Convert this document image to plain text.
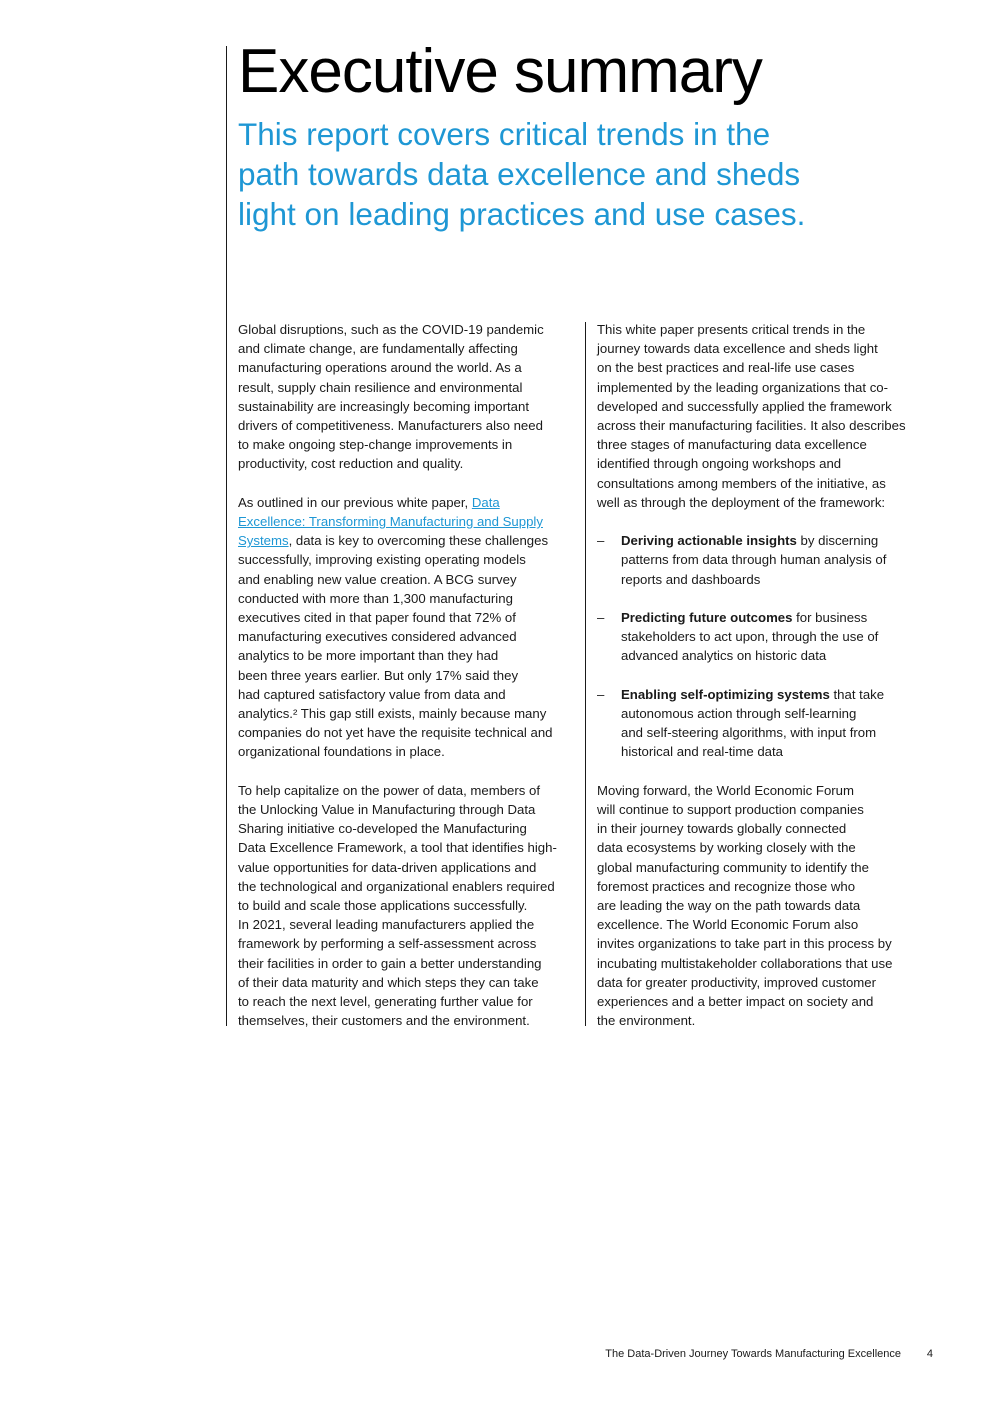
Executive summary
This report covers critical trends in the
path towards data excellence and sheds
light on leading practices and use cases.

Global disruptions, such as the COVID-19 pandemic
and climate change, are fundamentally affecting
manufacturing operations around the world. As a
result, supply chain resilience and environmental
sustainability are increasingly becoming important
drivers of competitiveness. Manufacturers also need
to make ongoing step-change improvements in
productivity, cost reduction and quality.

As outlined in our previous white paper, Data
Excellence: Transforming Manufacturing and Supply
Systems, data is key to overcoming these challenges
successfully, improving existing operating models
and enabling new value creation. A BCG survey
conducted with more than 1,300 manufacturing
executives cited in that paper found that 72% of
manufacturing executives considered advanced
analytics to be more important than they had
been three years earlier. But only 17% said they
had captured satisfactory value from data and
analytics.² This gap still exists, mainly because many
companies do not yet have the requisite technical and
organizational foundations in place.

To help capitalize on the power of data, members of
the Unlocking Value in Manufacturing through Data
Sharing initiative co-developed the Manufacturing
Data Excellence Framework, a tool that identifies high-
value opportunities for data-driven applications and
the technological and organizational enablers required
to build and scale those applications successfully.
In 2021, several leading manufacturers applied the
framework by performing a self-assessment across
their facilities in order to gain a better understanding
of their data maturity and which steps they can take
to reach the next level, generating further value for
themselves, their customers and the environment.

This white paper presents critical trends in the
journey towards data excellence and sheds light
on the best practices and real-life use cases
implemented by the leading organizations that co-
developed and successfully applied the framework
across their manufacturing facilities. It also describes
three stages of manufacturing data excellence
identified through ongoing workshops and
consultations among members of the initiative, as
well as through the deployment of the framework:

– Deriving actionable insights by discerning
patterns from data through human analysis of
reports and dashboards
– Predicting future outcomes for business
stakeholders to act upon, through the use of
advanced analytics on historic data
– Enabling self-optimizing systems that take
autonomous action through self-learning
and self-steering algorithms, with input from
historical and real-time data

Moving forward, the World Economic Forum
will continue to support production companies
in their journey towards globally connected
data ecosystems by working closely with the
global manufacturing community to identify the
foremost practices and recognize those who
are leading the way on the path towards data
excellence. The World Economic Forum also
invites organizations to take part in this process by
incubating multistakeholder collaborations that use
data for greater productivity, improved customer
experiences and a better impact on society and
the environment.

The Data-Driven Journey Towards Manufacturing Excellence 4
